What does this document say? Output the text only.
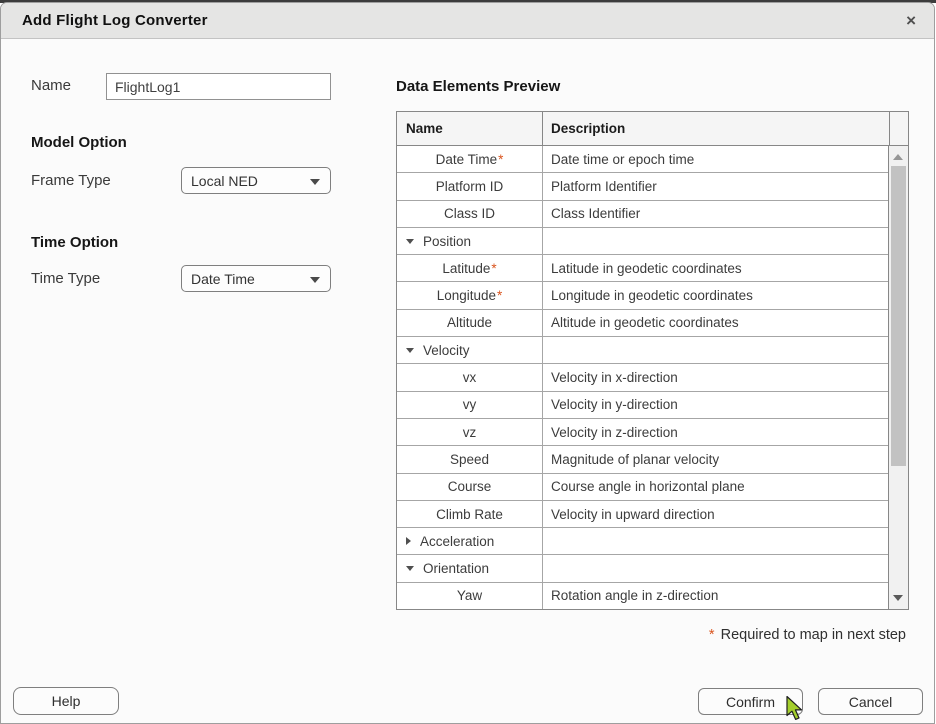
Add Flight Log Converter	×
Name
FlightLog1
Model Option
Frame Type	Local NED
Time Option
Time Type	Date Time
Data Elements Preview
Name	Description
Date Time *	Date time or epoch time
Platform ID	Platform Identifier
Class ID	Class Identifier
Position
Latitude *	Latitude in geodetic coordinates
Longitude *	Longitude in geodetic coordinates
Altitude	Altitude in geodetic coordinates
Velocity
vx	Velocity in x-direction
vy	Velocity in y-direction
vz	Velocity in z-direction
Speed	Magnitude of planar velocity
Course	Course angle in horizontal plane
Climb Rate	Velocity in upward direction
Acceleration
Orientation
Yaw	Rotation angle in z-direction
* Required to map in next step
Help	Confirm	Cancel
